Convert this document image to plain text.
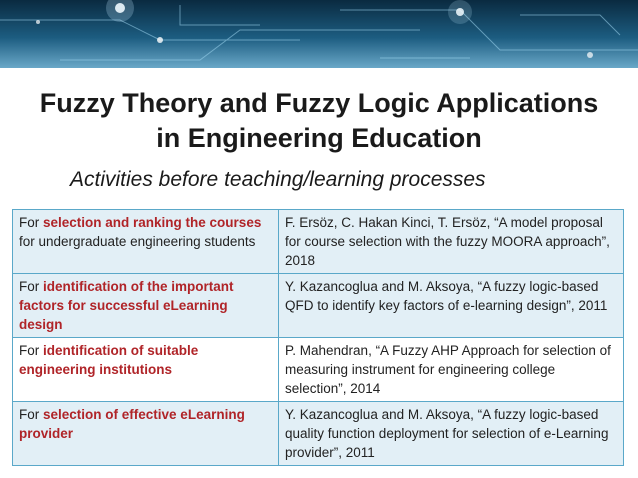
Fuzzy Theory and Fuzzy Logic Applications
in Engineering Education
Activities before teaching/learning processes
For selection and ranking the courses for undergraduate engineering students	F. Ersöz, C. Hakan Kinci, T. Ersöz, “A model proposal for course selection with the fuzzy MOORA approach”, 2018
For identification of the important factors for successful eLearning design	Y. Kazancoglua and M. Aksoya, “A fuzzy logic-based QFD to identify key factors of e-learning design”, 2011
For identification of suitable engineering institutions	P. Mahendran, “A Fuzzy AHP Approach for selection of measuring instrument for engineering college selection”, 2014
For selection of effective eLearning provider	Y. Kazancoglua and M. Aksoya, “A fuzzy logic-based quality function deployment for selection of e-Learning provider”, 2011
